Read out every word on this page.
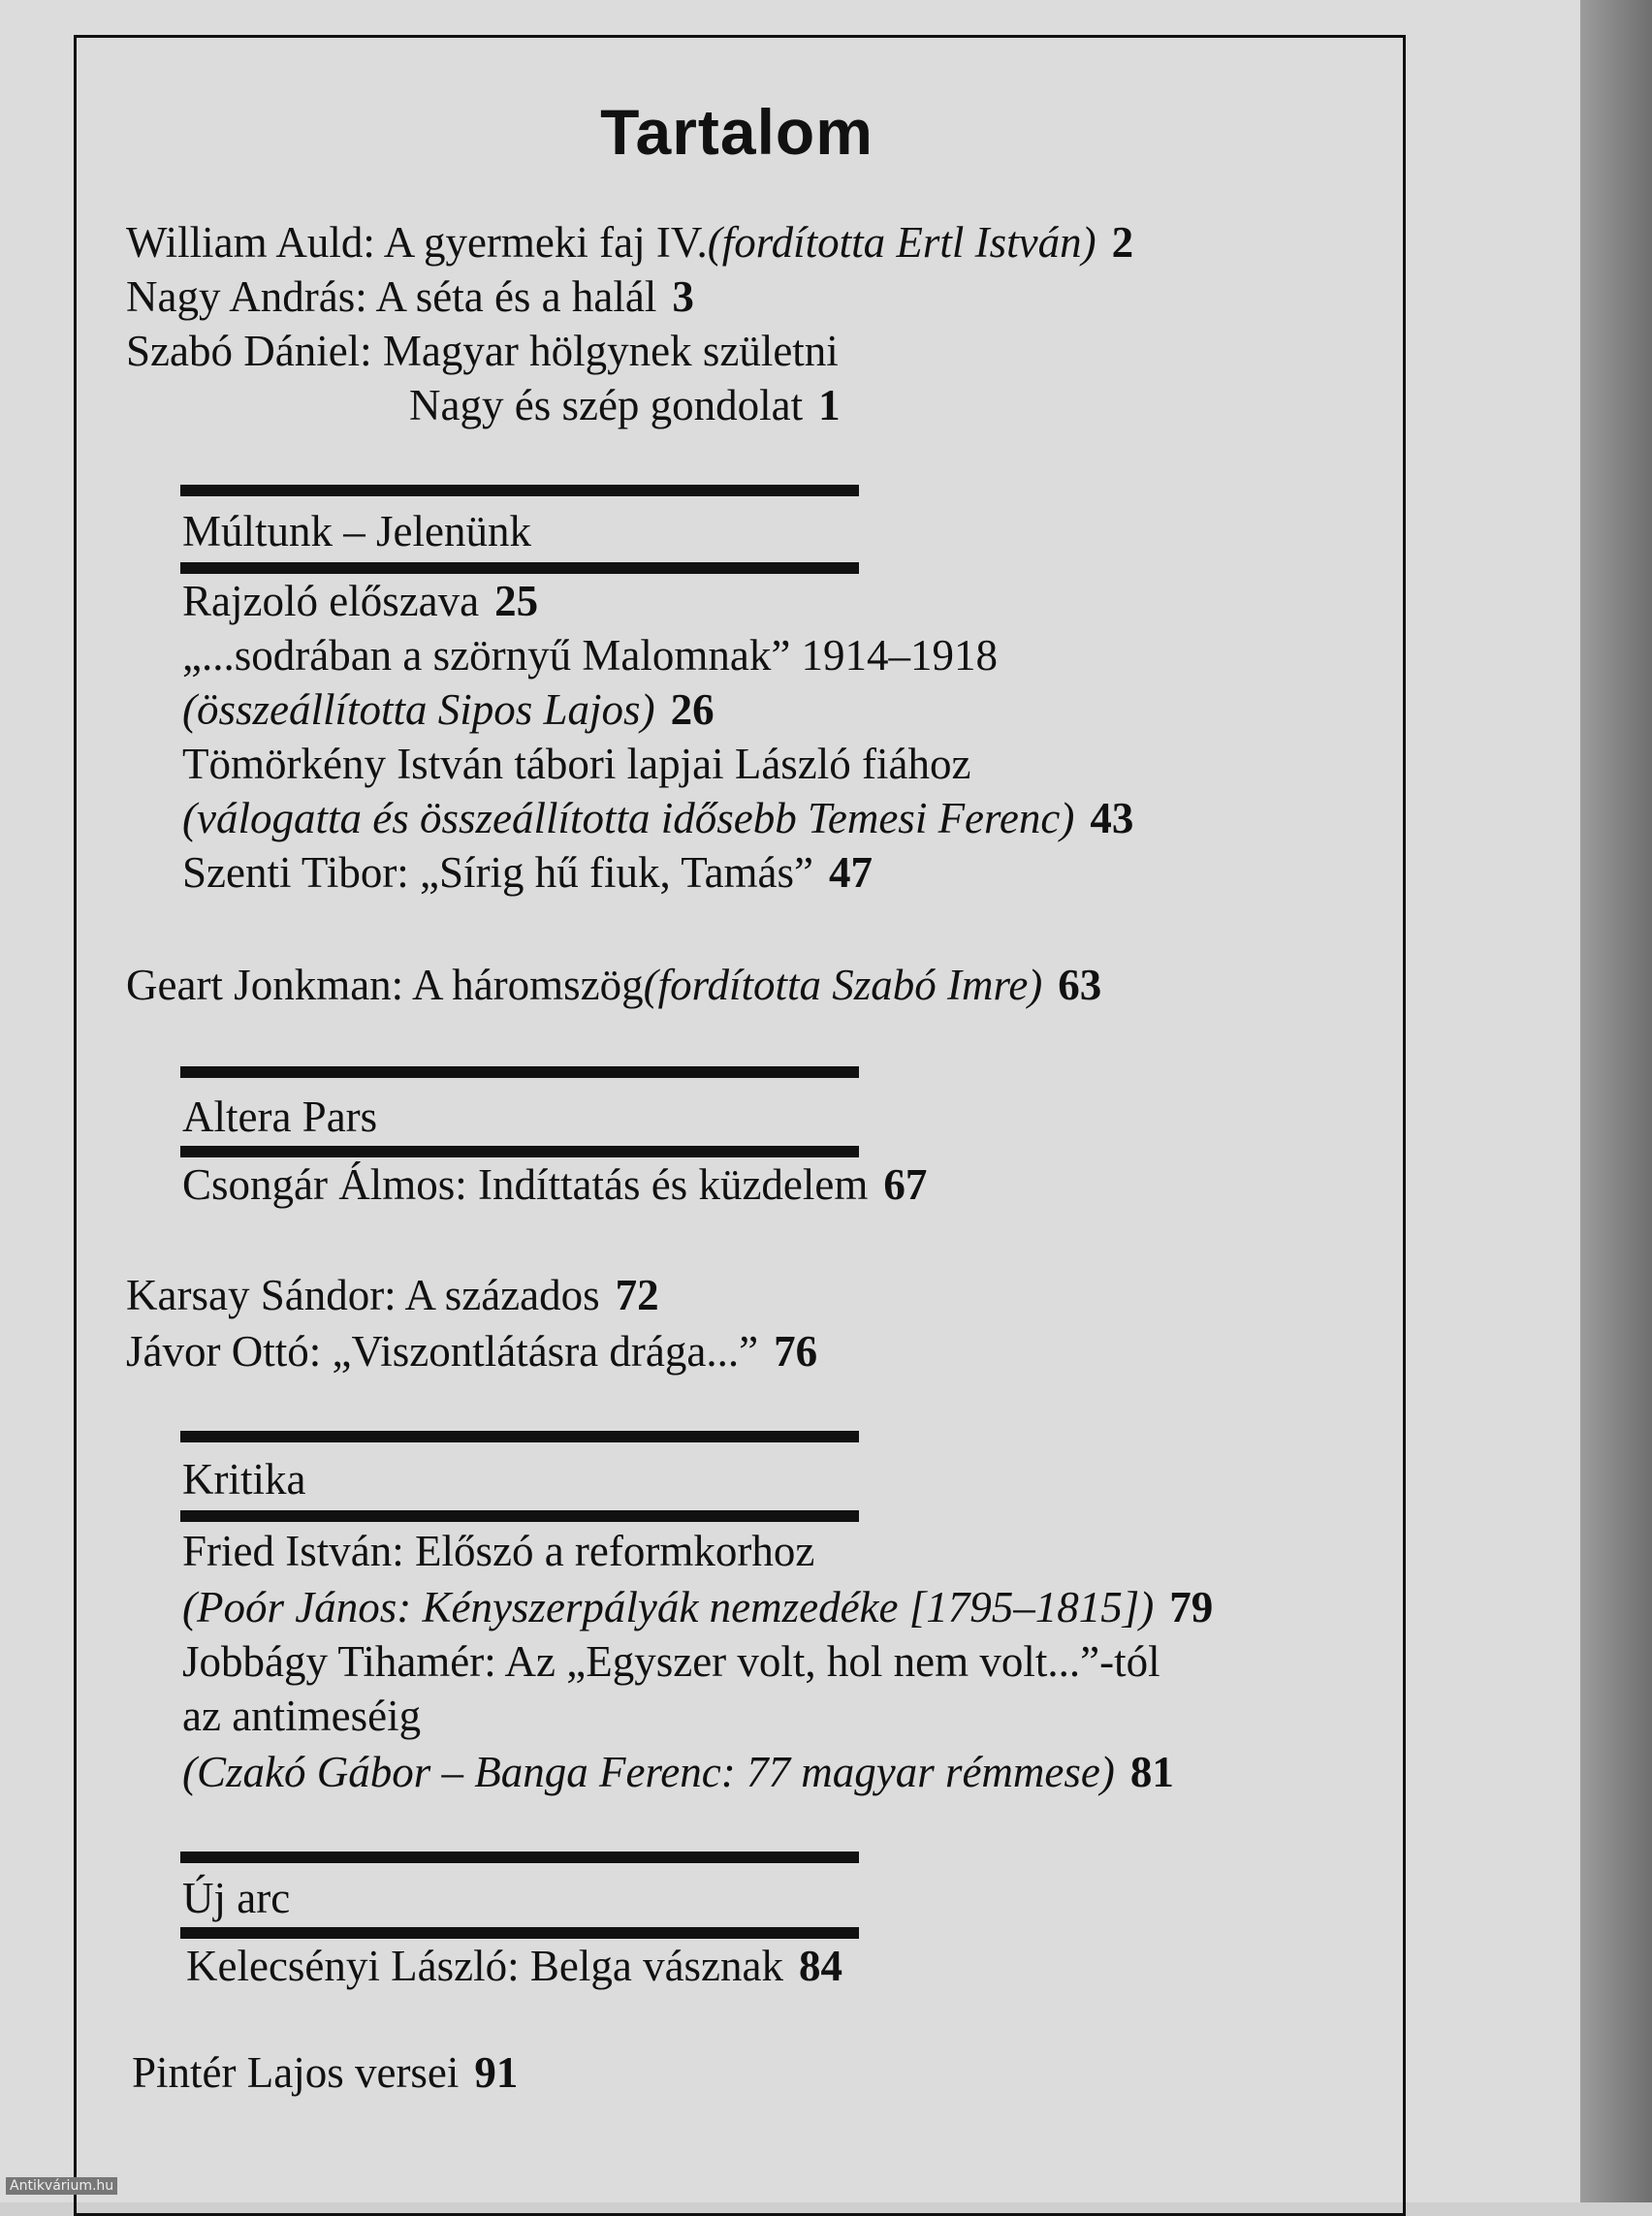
Tartalom
William Auld: A gyermeki faj IV.(fordította Ertl István) 2
Nagy András: A séta és a halál 3
Szabó Dániel: Magyar hölgynek születni
Nagy és szép gondolat 1
Múltunk – Jelenünk
Rajzoló előszava 25
„...sodrában a szörnyű Malomnak” 1914–1918
(összeállította Sipos Lajos) 26
Tömörkény István tábori lapjai László fiához
(válogatta és összeállította idősebb Temesi Ferenc) 43
Szenti Tibor: „Sírig hű fiuk, Tamás” 47
Geart Jonkman: A háromszög(fordította Szabó Imre) 63
Altera Pars
Csongár Álmos: Indíttatás és küzdelem 67
Karsay Sándor: A százados 72
Jávor Ottó: „Viszontlátásra drága...” 76
Kritika
Fried István: Előszó a reformkorhoz
(Poór János: Kényszerpályák nemzedéke [1795–1815]) 79
Jobbágy Tihamér: Az „Egyszer volt, hol nem volt...”-tól
az antimeséig
(Czakó Gábor – Banga Ferenc: 77 magyar rémmese) 81
Új arc
Kelecsényi László: Belga vásznak 84
Pintér Lajos versei 91
Antikvárium.hu
